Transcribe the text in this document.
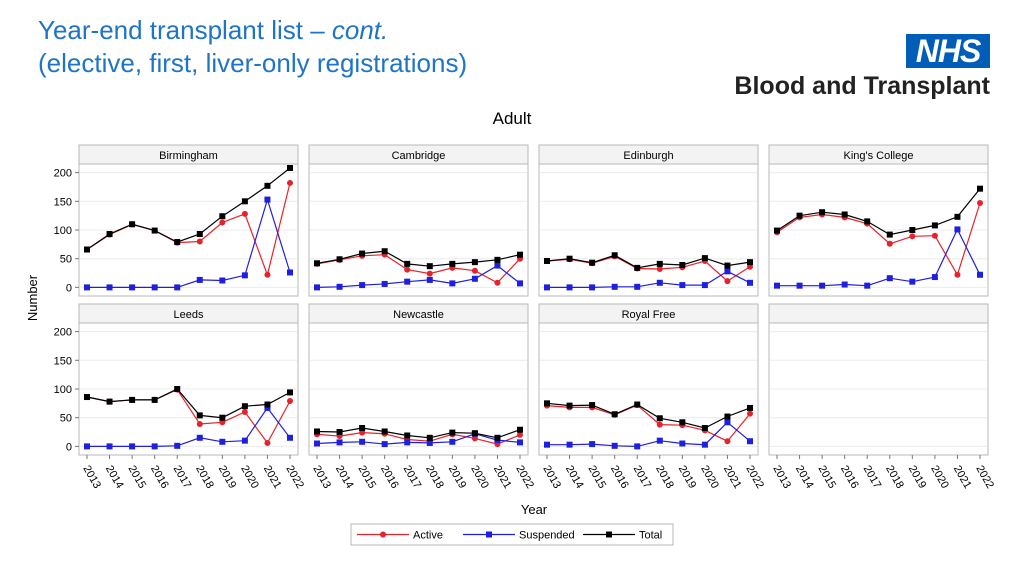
Year-end transplant list – cont.
(elective, first, liver-only registrations)	NHS
Blood and Transplant
Adult
Number
Birmingham
0
50
100
150
200
Cambridge	Edinburgh	King's College
Leeds
0
50
100
150
200
2013 2014 2015 2016 2017 2018 2019 2020 2021 2022
Newcastle
2013 2014 2015 2016 2017 2018 2019 2020 2021 2022
Royal Free
2013 2014 2015 2016 2017 2018 2019 2020 2021 2022 2013 2014 2015 2016 2017 2018 2019 2020 2021 2022
Year
Active	Suspended	Total
